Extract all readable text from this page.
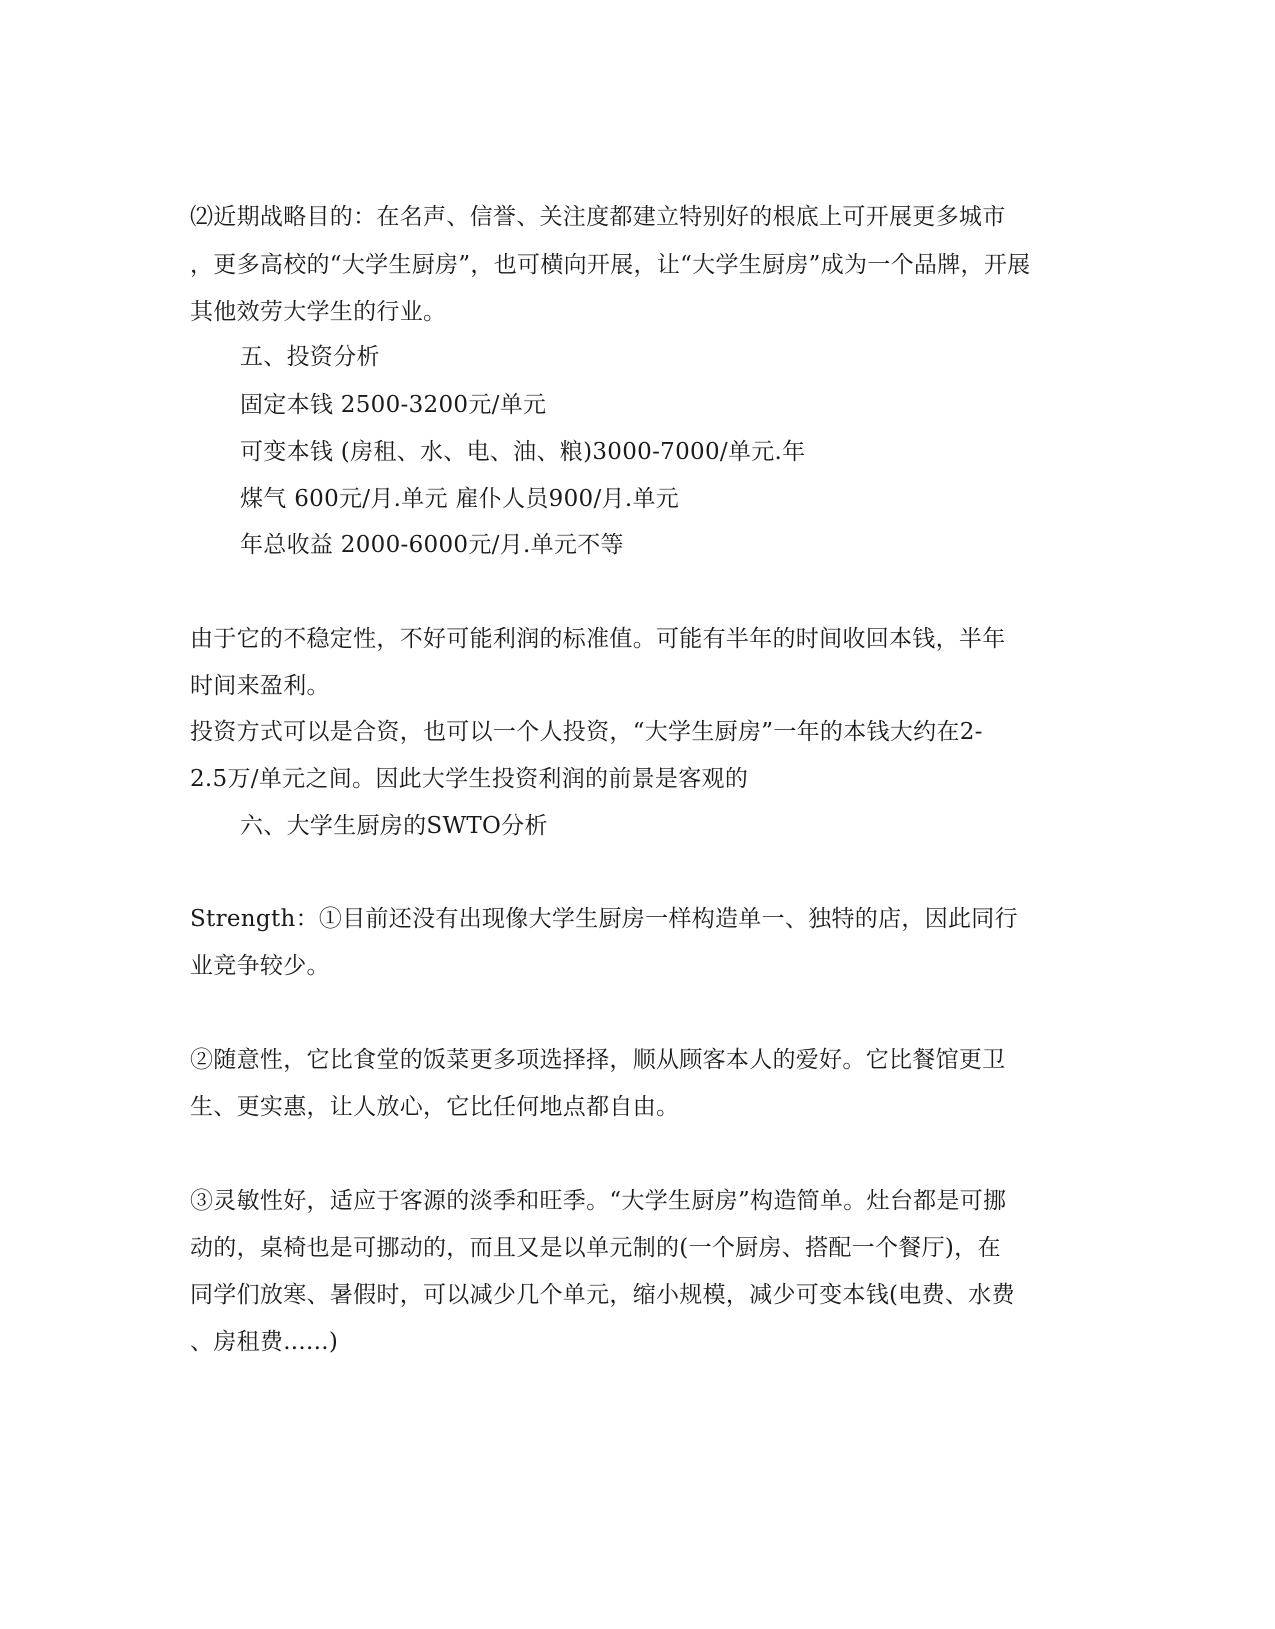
⑵近期战略目的：在名声、信誉、关注度都建立特别好的根底上可开展更多城市
，更多高校的“大学生厨房”，也可横向开展，让“大学生厨房”成为一个品牌，开展
其他效劳大学生的行业。
五、投资分析
固定本钱 2500-3200元/单元
可变本钱 (房租、水、电、油、粮)3000-7000/单元.年
煤气 600元/月.单元 雇仆人员900/月.单元
年总收益 2000-6000元/月.单元不等
由于它的不稳定性，不好可能利润的标准值。可能有半年的时间收回本钱，半年
时间来盈利。
投资方式可以是合资，也可以一个人投资，“大学生厨房”一年的本钱大约在2-
2.5万/单元之间。因此大学生投资利润的前景是客观的
六、大学生厨房的SWTO分析
Strength：①目前还没有出现像大学生厨房一样构造单一、独特的店，因此同行
业竞争较少。
②随意性，它比食堂的饭菜更多项选择择，顺从顾客本人的爱好。它比餐馆更卫
生、更实惠，让人放心，它比任何地点都自由。
③灵敏性好，适应于客源的淡季和旺季。“大学生厨房”构造简单。灶台都是可挪
动的，桌椅也是可挪动的，而且又是以单元制的(一个厨房、搭配一个餐厅)，在
同学们放寒、暑假时，可以减少几个单元，缩小规模，减少可变本钱(电费、水费
、房租费......)
